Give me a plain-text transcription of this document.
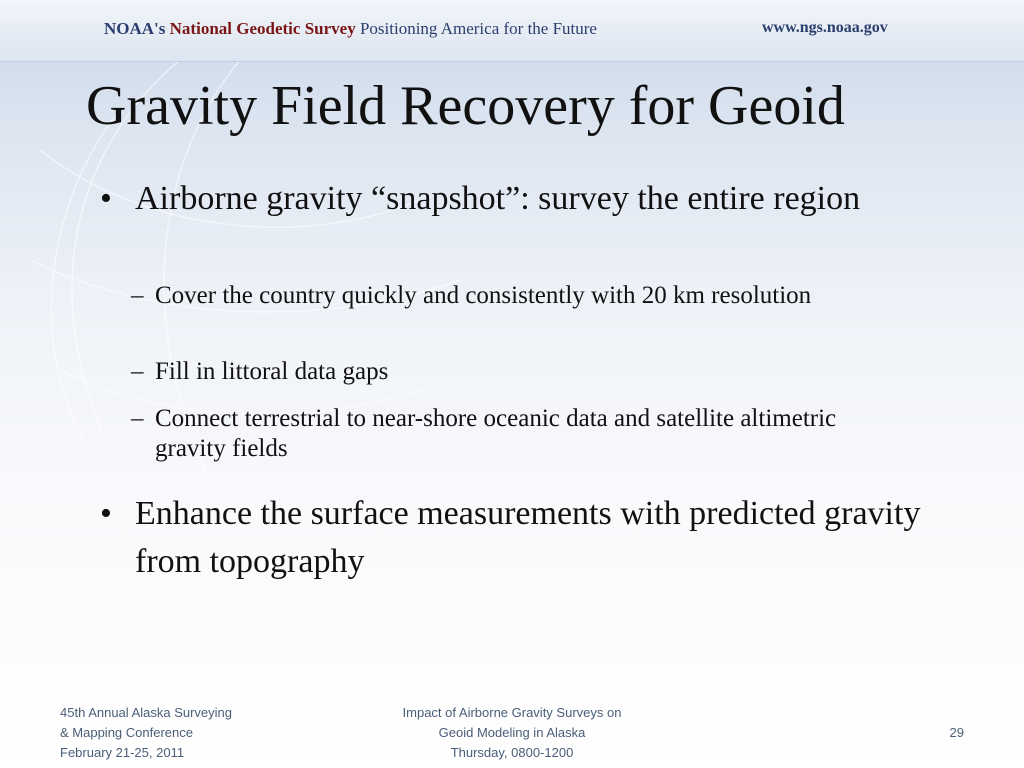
NOAA's National Geodetic Survey Positioning America for the Future	www.ngs.noaa.gov
Gravity Field Recovery for Geoid
• Airborne gravity “snapshot”: survey the entire region
– Cover the country quickly and consistently with 20 km resolution
– Fill in littoral data gaps
– Connect terrestrial to near-shore oceanic data and satellite altimetric gravity fields
• Enhance the surface measurements with predicted gravity from topography
45th Annual Alaska Surveying
& Mapping Conference
February 21-25, 2011
Impact of Airborne Gravity Surveys on
Geoid Modeling in Alaska
Thursday, 0800-1200
29
